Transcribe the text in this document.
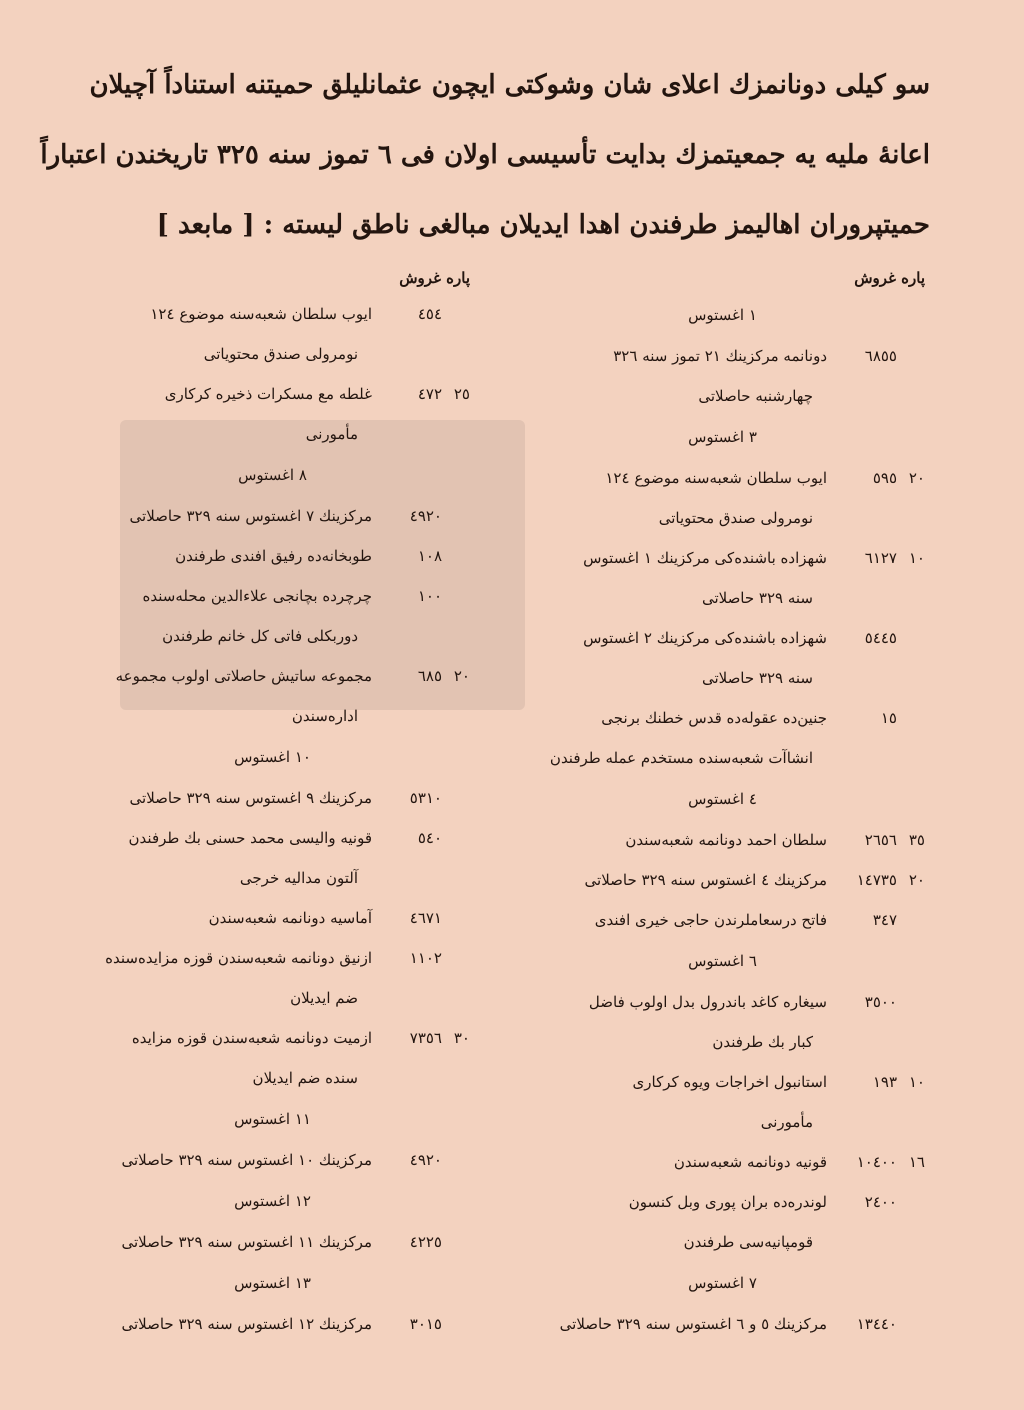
سو كيلى دونانمزك اعلاى شان وشوكتى ايچون عثمانليلق حميتنه استناداً آچيلان
اعانهٔ مليه يه جمعيتمزك بدايت تأسيسى اولان فى ٦ تموز سنه ٣٢٥ تاريخندن اعتباراً
حميتپروران اهاليمز طرفندن اهدا ايديلان مبالغى ناطق ليسته : [ مابعد ]
پاره غروش
١ اغستوس
٦٨٥٥
دونانمه مركزينك ٢١ تموز سنه ٣٢٦
چهارشنبه حاصلاتى
٣ اغستوس
٢٠
٥٩٥
ايوب سلطان شعبه‌سنه موضوع ١٢٤
نومرولى صندق محتوياتى
١٠
٦١٢٧
شهزاده باشنده‌كى مركزينك ١ اغستوس
سنه ٣٢٩ حاصلاتى
٥٤٤٥
شهزاده باشنده‌كى مركزينك ٢ اغستوس
سنه ٣٢٩ حاصلاتى
١٥
جنين‌ده عقوله‌ده قدس خطنك برنجى
انشاآت شعبه‌سنده مستخدم عمله طرفندن
٤ اغستوس
٣٥
٢٦٥٦
سلطان احمد دونانمه شعبه‌سندن
٢٠
١٤٧٣٥
مركزينك ٤ اغستوس سنه ٣٢٩ حاصلاتى
٣٤٧
فاتح درسعاملرندن حاجى خيرى افندى
٦ اغستوس
٣٥٠٠
سيغاره كاغد باندرول بدل اولوب فاضل
كبار بك طرفندن
١٠
١٩٣
استانبول اخراجات ويوه كركارى
مأمورنى
١٦
١٠٤٠٠
قونيه دونانمه شعبه‌سندن
٢٤٠٠
لوندره‌ده بران پورى وبل كنسون
قومپانيه‌سى طرفندن
٧ اغستوس
١٣٤٤٠
مركزينك ٥ و ٦ اغستوس سنه ٣٢٩ حاصلاتى
پاره غروش
٤٥٤
ايوب سلطان شعبه‌سنه موضوع ١٢٤
نومرولى صندق محتوياتى
٢٥
٤٧٢
غلطه مع مسكرات ذخيره كركارى
مأمورنى
٨ اغستوس
٤٩٢٠
مركزينك ٧ اغستوس سنه ٣٢٩ حاصلاتى
١٠٨
طوبخانه‌ده رفيق افندى طرفندن
١٠٠
چرچرده بچانجى علاءالدين محله‌سنده
دوربكلى فاتى كل خانم طرفندن
٢٠
٦٨٥
مجموعه ساتيش حاصلاتى اولوب مجموعه
اداره‌سندن
١٠ اغستوس
٥٣١٠
مركزينك ٩ اغستوس سنه ٣٢٩ حاصلاتى
٥٤٠
قونيه واليسى محمد حسنى بك طرفندن
آلتون مداليه خرجى
٤٦٧١
آماسيه دونانمه شعبه‌سندن
١١٠٢
ازنيق دونانمه شعبه‌سندن قوزه مزايده‌سنده
ضم ايديلان
٣٠
٧٣٥٦
ازميت دونانمه شعبه‌سندن قوزه مزايده‌
سنده ضم ايديلان
١١ اغستوس
٤٩٢٠
مركزينك ١٠ اغستوس سنه ٣٢٩ حاصلاتى
١٢ اغستوس
٤٢٢٥
مركزينك ١١ اغستوس سنه ٣٢٩ حاصلاتى
١٣ اغستوس
٣٠١٥
مركزينك ١٢ اغستوس سنه ٣٢٩ حاصلاتى
